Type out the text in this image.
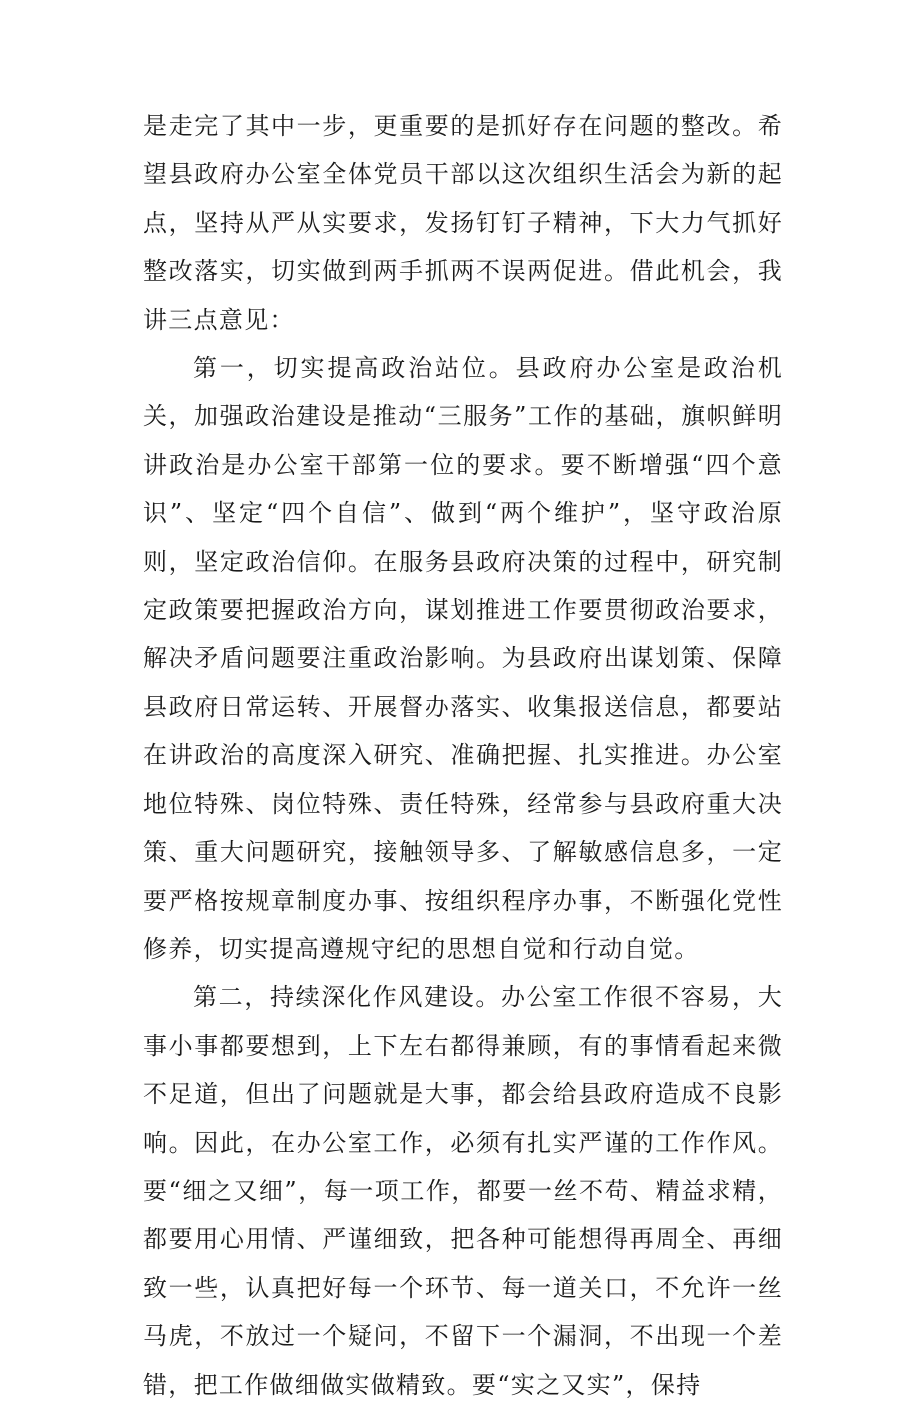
是走完了其中一步，更重要的是抓好存在问题的整改。希望县政府办公室全体党员干部以这次组织生活会为新的起点，坚持从严从实要求，发扬钉钉子精神，下大力气抓好整改落实，切实做到两手抓两不误两促进。借此机会，我讲三点意见：

第一，切实提高政治站位。县政府办公室是政治机关，加强政治建设是推动“三服务”工作的基础，旗帜鲜明讲政治是办公室干部第一位的要求。要不断增强“四个意识”、坚定“四个自信”、做到“两个维护”，坚守政治原则，坚定政治信仰。在服务县政府决策的过程中，研究制定政策要把握政治方向，谋划推进工作要贯彻政治要求，解决矛盾问题要注重政治影响。为县政府出谋划策、保障县政府日常运转、开展督办落实、收集报送信息，都要站在讲政治的高度深入研究、准确把握、扎实推进。办公室地位特殊、岗位特殊、责任特殊，经常参与县政府重大决策、重大问题研究，接触领导多、了解敏感信息多，一定要严格按规章制度办事、按组织程序办事，不断强化党性修养，切实提高遵规守纪的思想自觉和行动自觉。

第二，持续深化作风建设。办公室工作很不容易，大事小事都要想到，上下左右都得兼顾，有的事情看起来微不足道，但出了问题就是大事，都会给县政府造成不良影响。因此，在办公室工作，必须有扎实严谨的工作作风。要“细之又细”，每一项工作，都要一丝不苟、精益求精，都要用心用情、严谨细致，把各种可能想得再周全、再细致一些，认真把好每一个环节、每一道关口，不允许一丝马虎，不放过一个疑问，不留下一个漏洞，不出现一个差错，把工作做细做实做精致。要“实之又实”，保持
